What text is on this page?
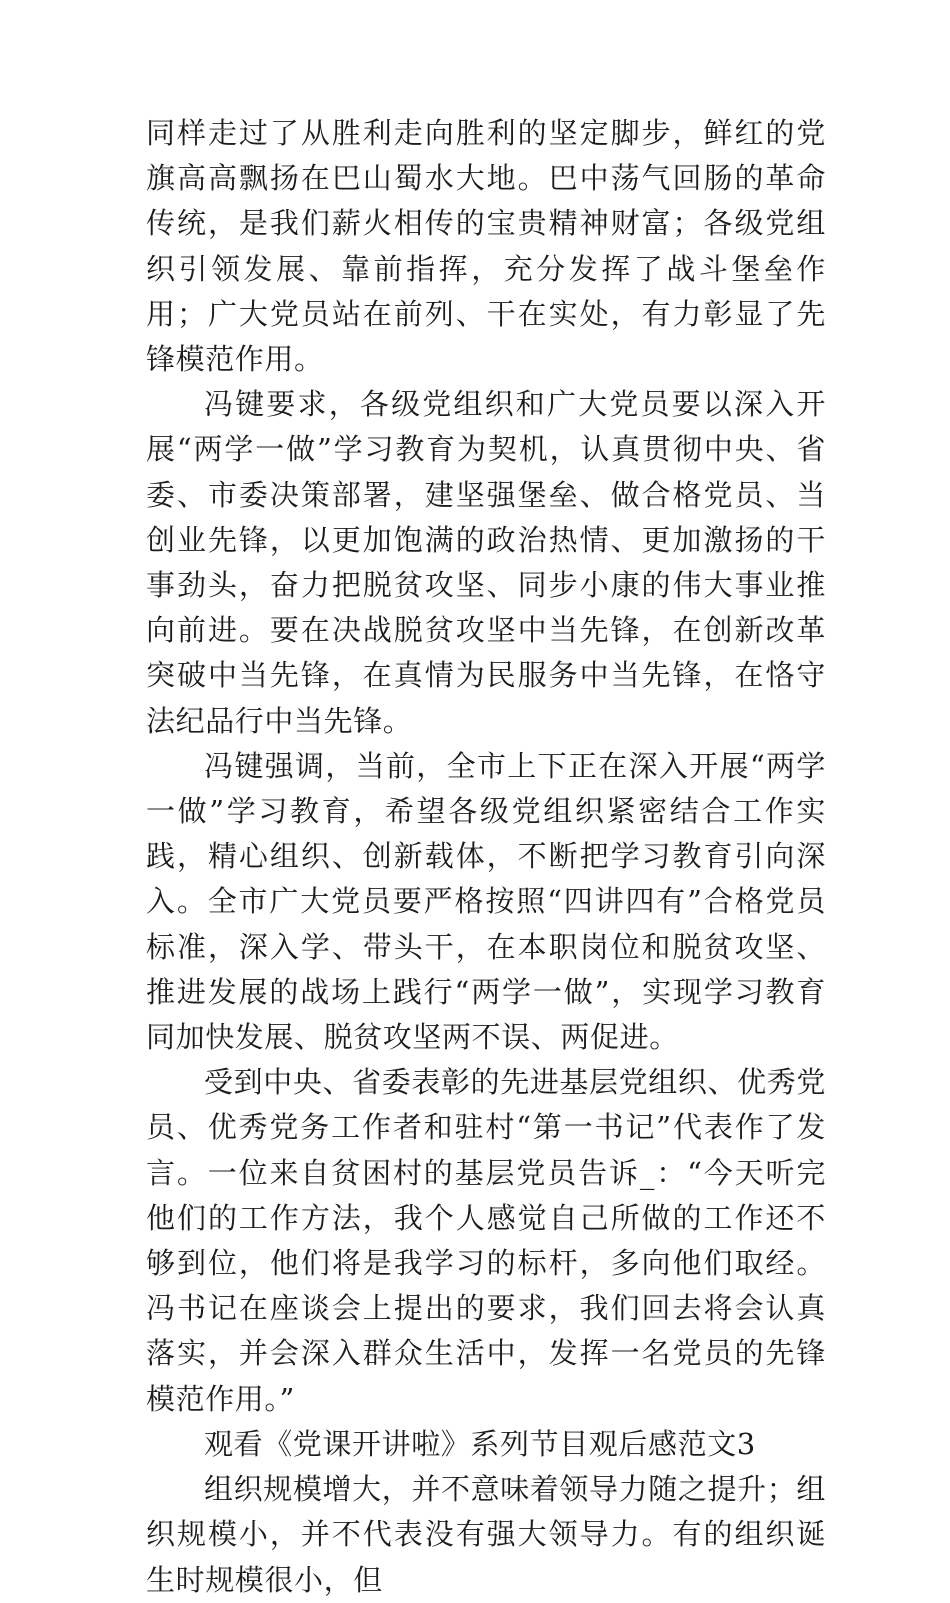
同样走过了从胜利走向胜利的坚定脚步，鲜红的党旗高高飘扬在巴山蜀水大地。巴中荡气回肠的革命传统，是我们薪火相传的宝贵精神财富；各级党组织引领发展、靠前指挥，充分发挥了战斗堡垒作用；广大党员站在前列、干在实处，有力彰显了先锋模范作用。

冯键要求，各级党组织和广大党员要以深入开展“两学一做”学习教育为契机，认真贯彻中央、省委、市委决策部署，建坚强堡垒、做合格党员、当创业先锋，以更加饱满的政治热情、更加激扬的干事劲头，奋力把脱贫攻坚、同步小康的伟大事业推向前进。要在决战脱贫攻坚中当先锋，在创新改革突破中当先锋，在真情为民服务中当先锋，在恪守法纪品行中当先锋。

冯键强调，当前，全市上下正在深入开展“两学一做”学习教育，希望各级党组织紧密结合工作实践，精心组织、创新载体，不断把学习教育引向深入。全市广大党员要严格按照“四讲四有”合格党员标准，深入学、带头干，在本职岗位和脱贫攻坚、推进发展的战场上践行“两学一做”，实现学习教育同加快发展、脱贫攻坚两不误、两促进。

受到中央、省委表彰的先进基层党组织、优秀党员、优秀党务工作者和驻村“第一书记”代表作了发言。一位来自贫困村的基层党员告诉_：“今天听完他们的工作方法，我个人感觉自己所做的工作还不够到位，他们将是我学习的标杆，多向他们取经。冯书记在座谈会上提出的要求，我们回去将会认真落实，并会深入群众生活中，发挥一名党员的先锋模范作用。”

观看《党课开讲啦》系列节目观后感范文3

组织规模增大，并不意味着领导力随之提升；组织规模小，并不代表没有强大领导力。有的组织诞生时规模很小，但
